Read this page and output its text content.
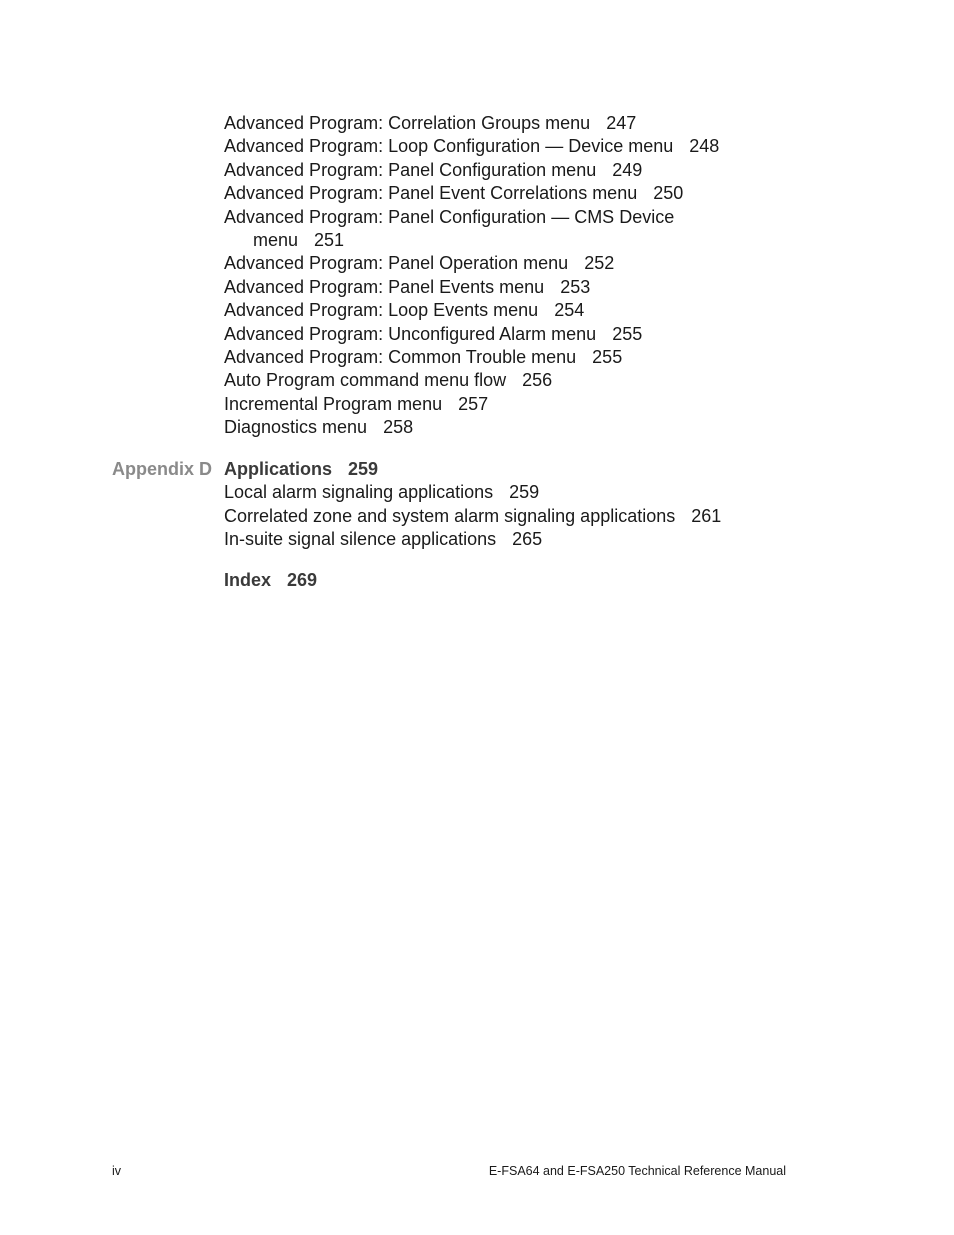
Advanced Program: Correlation Groups menu 247
Advanced Program: Loop Configuration — Device menu 248
Advanced Program: Panel Configuration menu 249
Advanced Program: Panel Event Correlations menu 250
Advanced Program: Panel Configuration — CMS Device
menu 251
Advanced Program: Panel Operation menu 252
Advanced Program: Panel Events menu 253
Advanced Program: Loop Events menu 254
Advanced Program: Unconfigured Alarm menu 255
Advanced Program: Common Trouble menu 255
Auto Program command menu flow 256
Incremental Program menu 257
Diagnostics menu 258
Appendix D Applications 259
Local alarm signaling applications 259
Correlated zone and system alarm signaling applications 261
In-suite signal silence applications 265
Index 269
iv	E-FSA64 and E-FSA250 Technical Reference Manual
